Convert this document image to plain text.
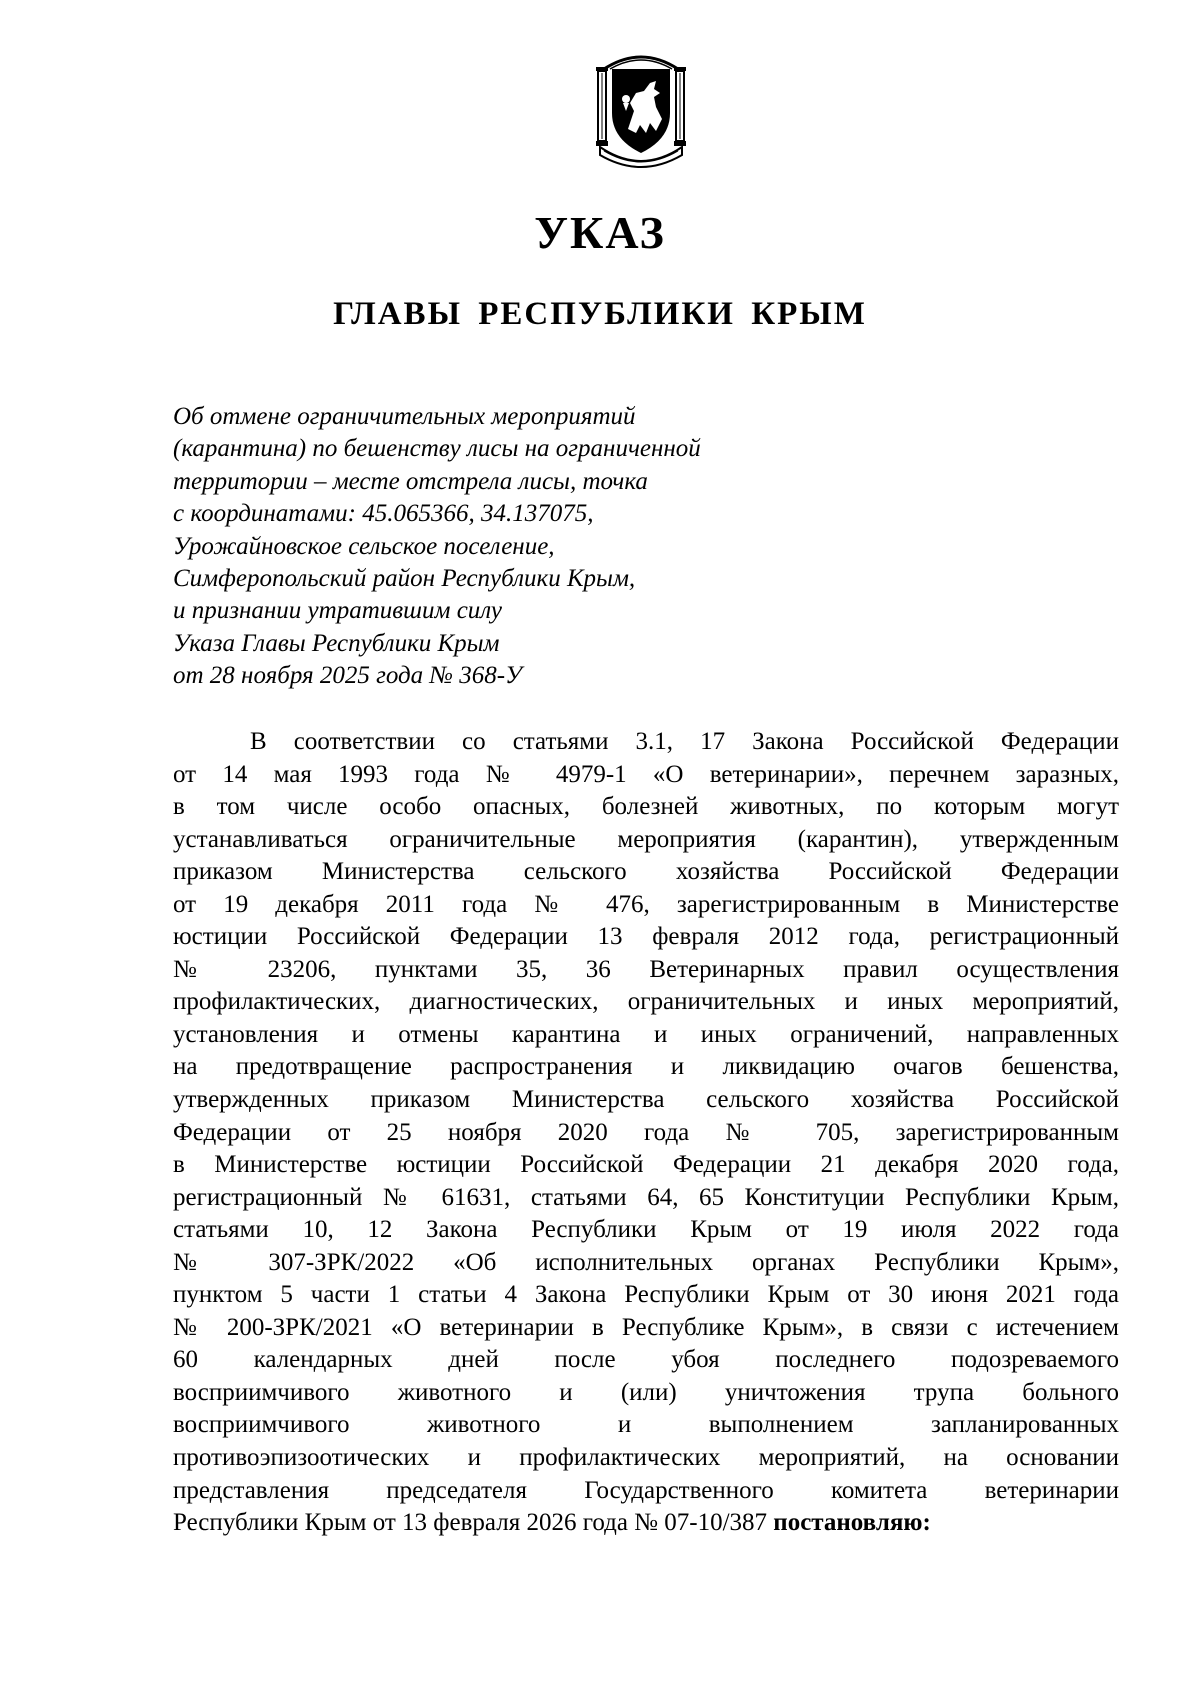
УКАЗ
ГЛАВЫ РЕСПУБЛИКИ КРЫМ
Об отмене ограничительных мероприятий
(карантина) по бешенству лисы на ограниченной
территории – месте отстрела лисы, точка
с координатами: 45.065366, 34.137075,
Урожайновское сельское поселение,
Симферопольский район Республики Крым,
и признании утратившим силу
Указа Главы Республики Крым
от 28 ноября 2025 года № 368-У
В соответствии со статьями 3.1, 17 Закона Российской Федерации
от 14 мая 1993 года № 4979-1 «О ветеринарии», перечнем заразных,
в том числе особо опасных, болезней животных, по которым могут
устанавливаться ограничительные мероприятия (карантин), утвержденным
приказом Министерства сельского хозяйства Российской Федерации
от 19 декабря 2011 года № 476, зарегистрированным в Министерстве
юстиции Российской Федерации 13 февраля 2012 года, регистрационный
№ 23206, пунктами 35, 36 Ветеринарных правил осуществления
профилактических, диагностических, ограничительных и иных мероприятий,
установления и отмены карантина и иных ограничений, направленных
на предотвращение распространения и ликвидацию очагов бешенства,
утвержденных приказом Министерства сельского хозяйства Российской
Федерации от 25 ноября 2020 года № 705, зарегистрированным
в Министерстве юстиции Российской Федерации 21 декабря 2020 года,
регистрационный № 61631, статьями 64, 65 Конституции Республики Крым,
статьями 10, 12 Закона Республики Крым от 19 июля 2022 года
№ 307-ЗРК/2022 «Об исполнительных органах Республики Крым»,
пунктом 5 части 1 статьи 4 Закона Республики Крым от 30 июня 2021 года
№ 200-ЗРК/2021 «О ветеринарии в Республике Крым», в связи с истечением
60 календарных дней после убоя последнего подозреваемого
восприимчивого животного и (или) уничтожения трупа больного
восприимчивого животного и выполнением запланированных
противоэпизоотических и профилактических мероприятий, на основании
представления председателя Государственного комитета ветеринарии
Республики Крым от 13 февраля 2026 года № 07-10/387 постановляю:
